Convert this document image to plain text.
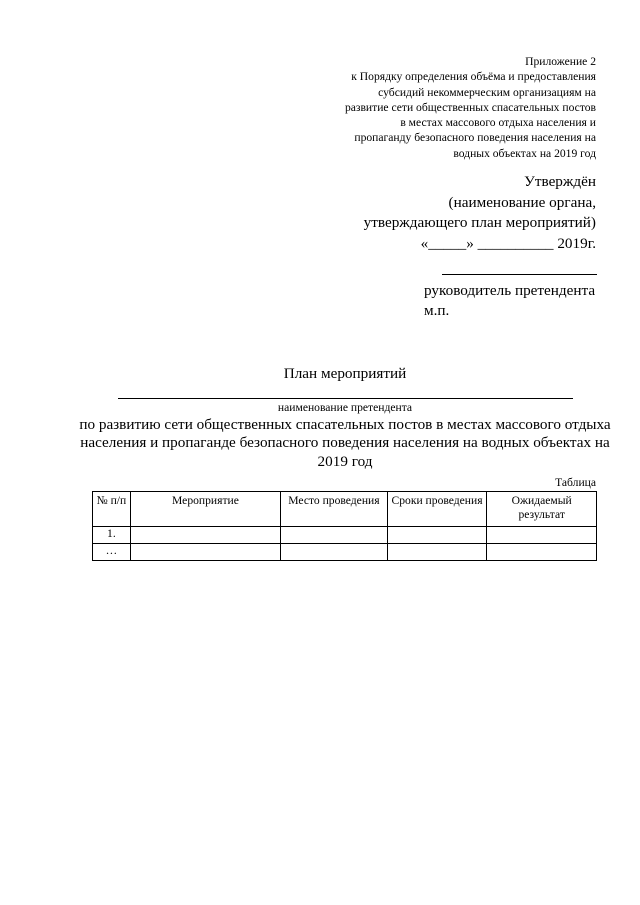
Приложение 2
к Порядку определения объёма и предоставления
субсидий некоммерческим организациям на
развитие сети общественных спасательных постов
в местах массового отдыха населения и
пропаганду безопасного поведения населения на
водных объектах на 2019 год
Утверждён
(наименование органа,
утверждающего план мероприятий)
«_____» __________ 2019г.
руководитель претендента
м.п.
План мероприятий
наименование претендента
по развитию сети общественных спасательных постов в местах массового отдыха населения и пропаганде безопасного поведения населения на водных объектах на 2019 год
Таблица
№ п/п	Мероприятие	Место проведения	Сроки проведения	Ожидаемый результат
1.				
…				
